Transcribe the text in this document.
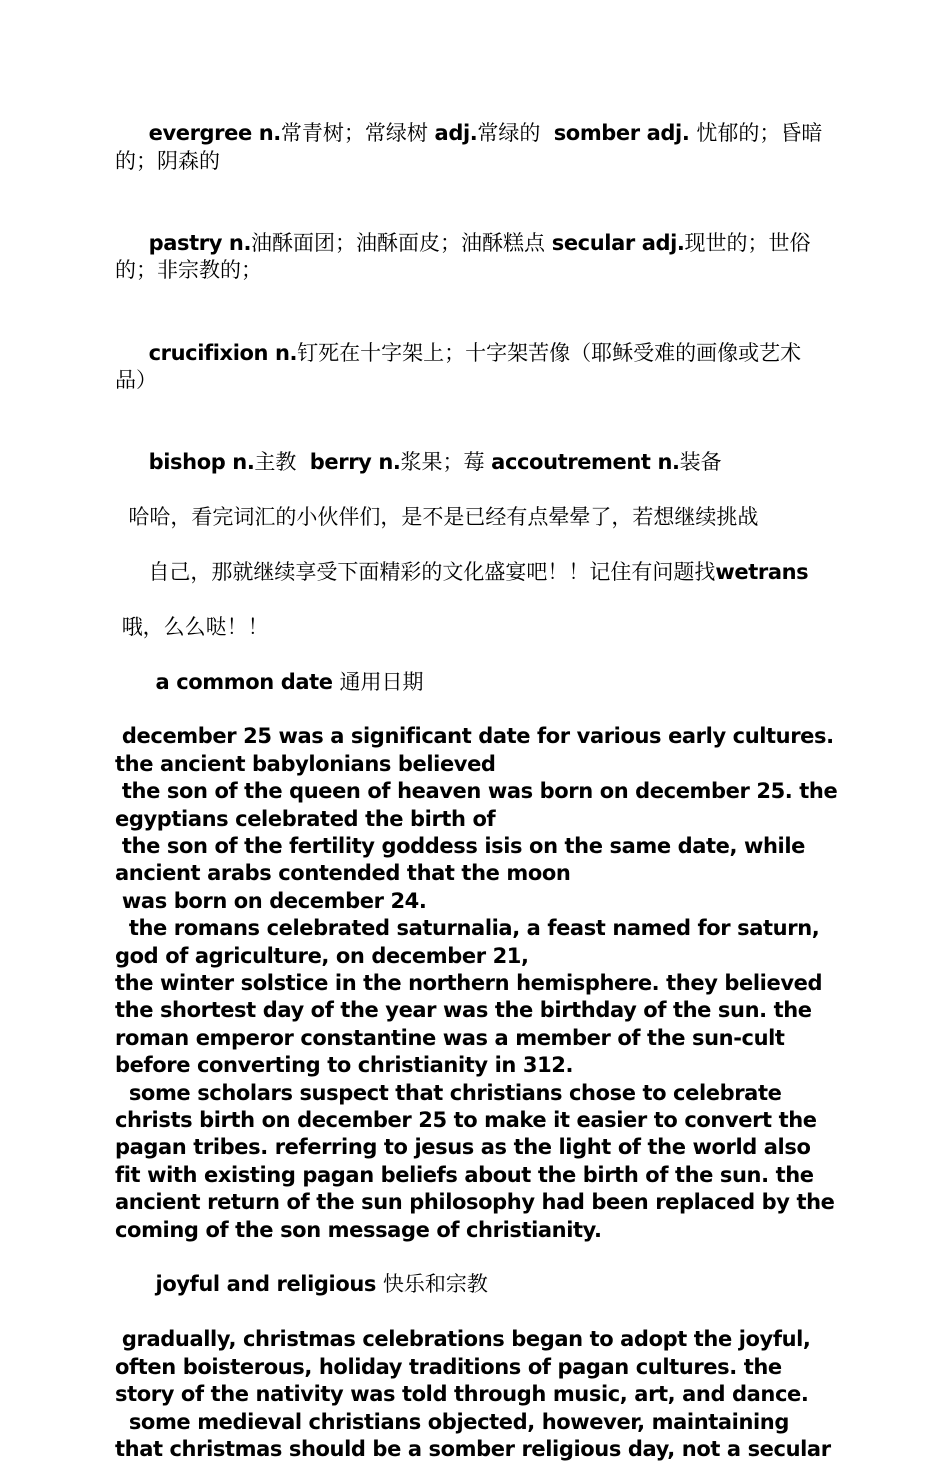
evergree n.常青树；常绿树 adj.常绿的  somber adj. 忧郁的；昏暗的；阴森的

pastry n.油酥面团；油酥面皮；油酥糕点 secular adj.现世的；世俗的；非宗教的；

crucifixion n.钉死在十字架上；十字架苦像（耶稣受难的画像或艺术品）

bishop n.主教  berry n.浆果；莓 accoutrement n.装备

哈哈，看完词汇的小伙伴们，是不是已经有点晕晕了，若想继续挑战

自己，那就继续享受下面精彩的文化盛宴吧！！记住有问题找wetrans

哦，么么哒！！

a common date 通用日期

december 25 was a significant date for various early cultures. the ancient babylonians believed
the son of the queen of heaven was born on december 25. the egyptians celebrated the birth of
the son of the fertility goddess isis on the same date, while ancient arabs contended that the moon
was born on december 24.
the romans celebrated saturnalia, a feast named for saturn, god of agriculture, on december 21,
the winter solstice in the northern hemisphere. they believed the shortest day of the year was the birthday of the sun. the roman emperor constantine was a member of the sun-cult before converting to christianity in 312.
some scholars suspect that christians chose to celebrate christs birth on december 25 to make it easier to convert the pagan tribes. referring to jesus as the light of the world also fit with existing pagan beliefs about the birth of the sun. the ancient return of the sun philosophy had been replaced by the coming of the son message of christianity.

joyful and religious 快乐和宗教

gradually, christmas celebrations began to adopt the joyful, often boisterous, holiday traditions of pagan cultures. the story of the nativity was told through music, art, and dance.
some medieval christians objected, however, maintaining that christmas should be a somber religious day, not a secular
